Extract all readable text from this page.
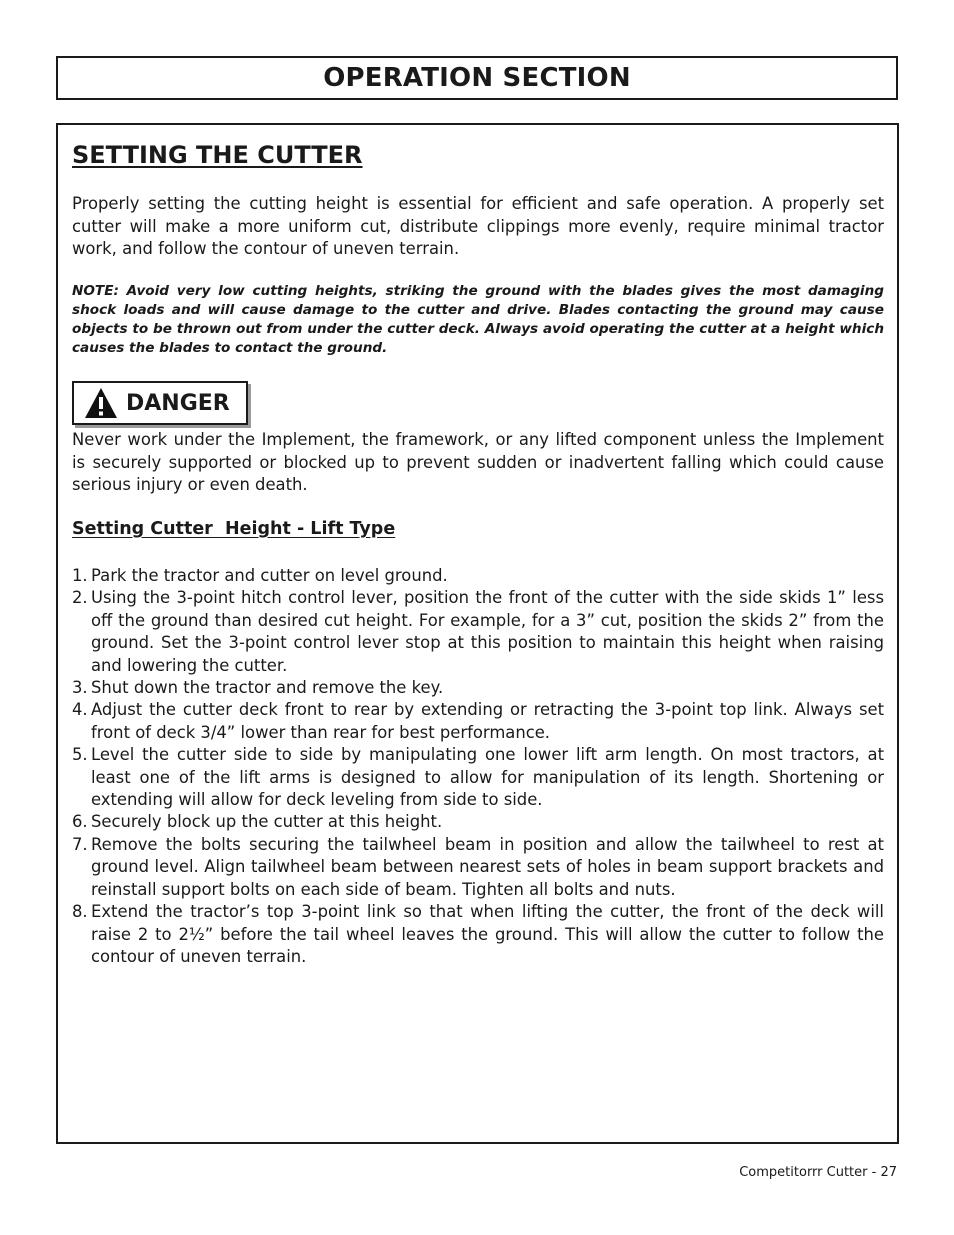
OPERATION SECTION
SETTING THE CUTTER

Properly setting the cutting height is essential for efficient and safe operation. A properly set cutter will make a more uniform cut, distribute clippings more evenly, require minimal tractor work, and follow the contour of uneven terrain.

NOTE: Avoid very low cutting heights, striking the ground with the blades gives the most damaging shock loads and will cause damage to the cutter and drive. Blades contacting the ground may cause objects to be thrown out from under the cutter deck. Always avoid operating the cutter at a height which causes the blades to contact the ground.

DANGER

Never work under the Implement, the framework, or any lifted component unless the Implement is securely supported or blocked up to prevent sudden or inadvertent falling which could cause serious injury or even death.

Setting Cutter  Height - Lift Type
1. Park the tractor and cutter on level ground.
2. Using the 3-point hitch control lever, position the front of the cutter with the side skids 1” less off the ground than desired cut height. For example, for a 3” cut, position the skids 2” from the ground. Set the 3-point control lever stop at this position to maintain this height when raising and lowering the cutter.
3. Shut down the tractor and remove the key.
4. Adjust the cutter deck front to rear by extending or retracting the 3-point top link. Always set front of deck 3/4” lower than rear for best performance.
5. Level the cutter side to side by manipulating one lower lift arm length. On most tractors, at least one of the lift arms is designed to allow for manipulation of its length. Shortening or extending will allow for deck leveling from side to side.
6. Securely block up the cutter at this height.
7. Remove the bolts securing the tailwheel beam in position and allow the tailwheel to rest at ground level. Align tailwheel beam between nearest sets of holes in beam support brackets and reinstall support bolts on each side of beam. Tighten all bolts and nuts.
8. Extend the tractor’s top 3-point link so that when lifting the cutter, the front of the deck will raise 2 to 2½” before the tail wheel leaves the ground. This will allow the cutter to follow the contour of uneven terrain.
Competitorrr Cutter - 27
